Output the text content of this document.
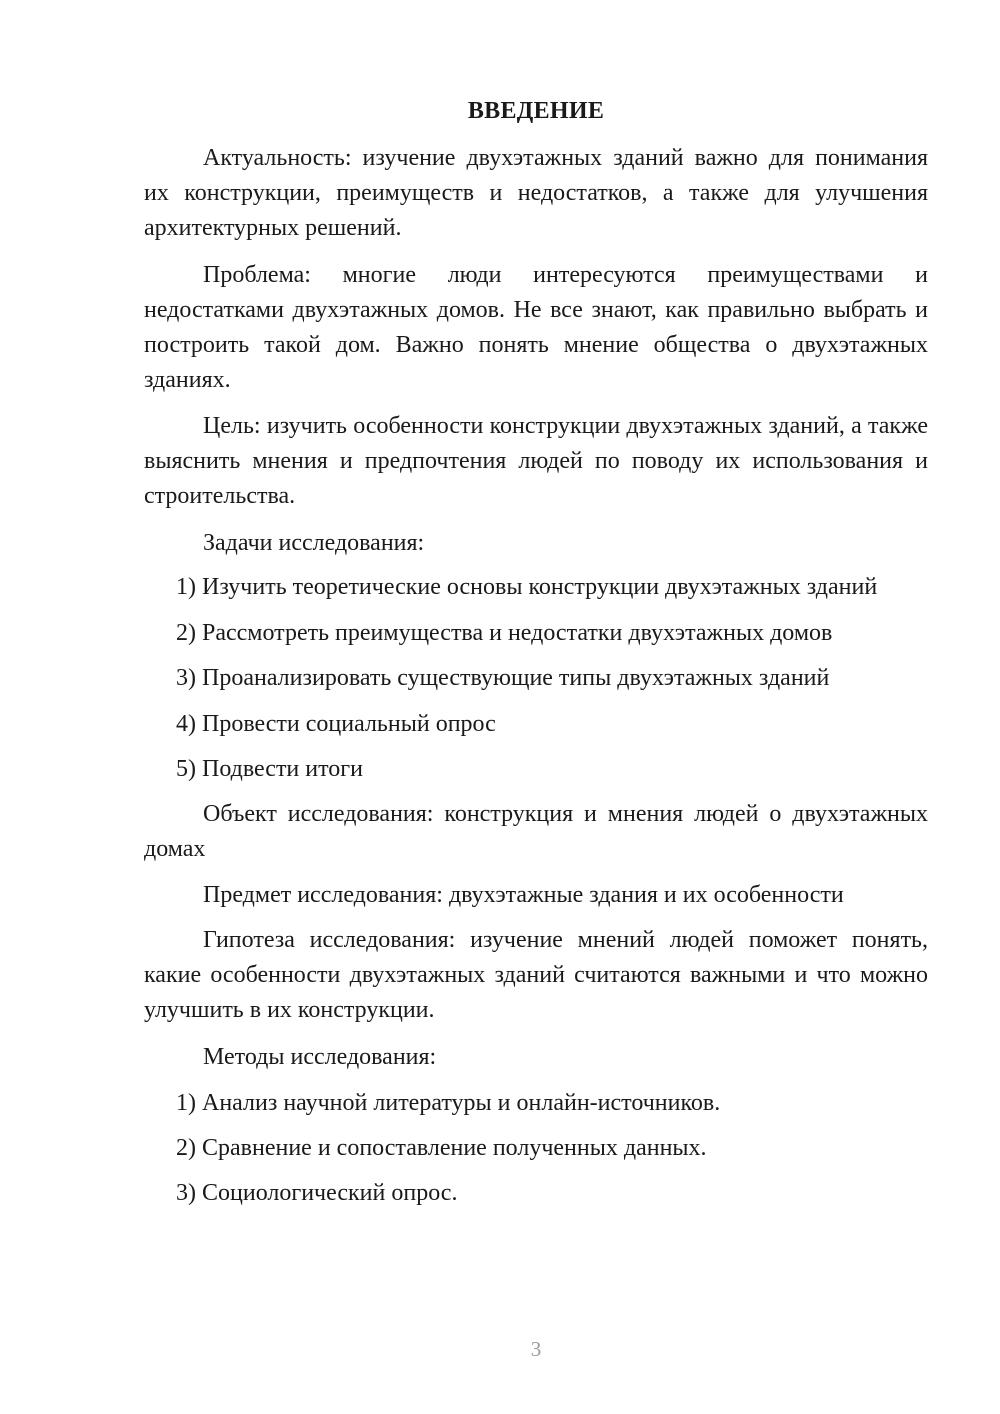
ВВЕДЕНИЕ

Актуальность: изучение двухэтажных зданий важно для понимания их конструкции, преимуществ и недостатков, а также для улучшения архитектурных решений.

Проблема: многие люди интересуются преимуществами и недостатками двухэтажных домов. Не все знают, как правильно выбрать и построить такой дом. Важно понять мнение общества о двухэтажных зданиях.

Цель: изучить особенности конструкции двухэтажных зданий, а также выяснить мнения и предпочтения людей по поводу их использования и строительства.

Задачи исследования:

1) Изучить теоретические основы конструкции двухэтажных зданий

2) Рассмотреть преимущества и недостатки двухэтажных домов

3) Проанализировать существующие типы двухэтажных зданий

4) Провести социальный опрос

5) Подвести итоги

Объект исследования: конструкция и мнения людей о двухэтажных домах

Предмет исследования: двухэтажные здания и их особенности

Гипотеза исследования: изучение мнений людей поможет понять, какие особенности двухэтажных зданий считаются важными и что можно улучшить в их конструкции.

Методы исследования:

1) Анализ научной литературы и онлайн-источников.

2) Сравнение и сопоставление полученных данных.

3) Социологический опрос.

3
